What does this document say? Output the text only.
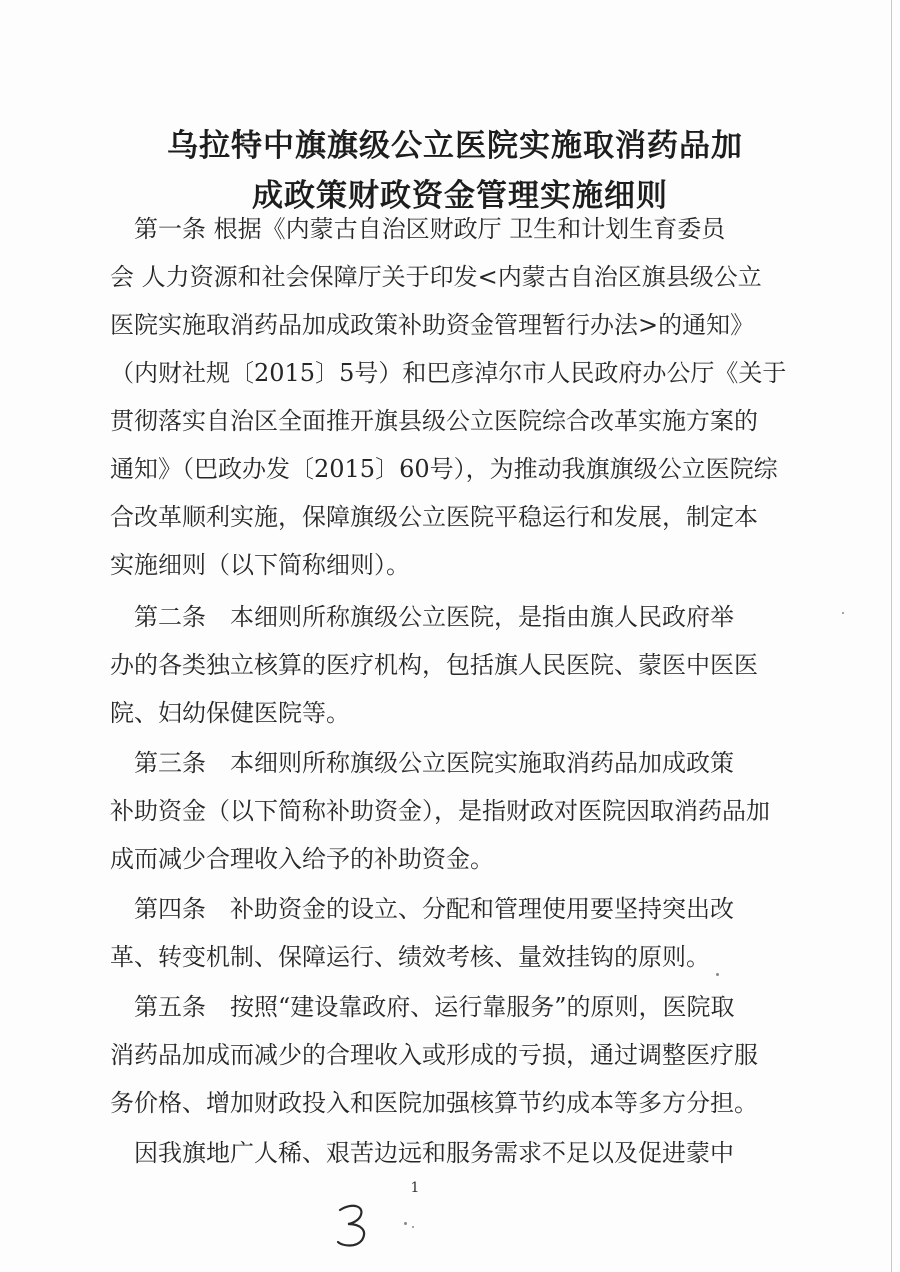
乌拉特中旗旗级公立医院实施取消药品加
成政策财政资金管理实施细则
　第一条 根据《内蒙古自治区财政厅 卫生和计划生育委员
会 人力资源和社会保障厅关于印发<内蒙古自治区旗县级公立
医院实施取消药品加成政策补助资金管理暂行办法>的通知》
（内财社规〔2015〕5号）和巴彦淖尔市人民政府办公厅《关于
贯彻落实自治区全面推开旗县级公立医院综合改革实施方案的
通知》（巴政办发〔2015〕60号），为推动我旗旗级公立医院综
合改革顺利实施，保障旗级公立医院平稳运行和发展，制定本
实施细则（以下简称细则）。
　第二条　本细则所称旗级公立医院，是指由旗人民政府举
办的各类独立核算的医疗机构，包括旗人民医院、蒙医中医医
院、妇幼保健医院等。
　第三条　本细则所称旗级公立医院实施取消药品加成政策
补助资金（以下简称补助资金），是指财政对医院因取消药品加
成而减少合理收入给予的补助资金。
　第四条　补助资金的设立、分配和管理使用要坚持突出改
革、转变机制、保障运行、绩效考核、量效挂钩的原则。
　第五条　按照“建设靠政府、运行靠服务”的原则，医院取
消药品加成而减少的合理收入或形成的亏损，通过调整医疗服
务价格、增加财政投入和医院加强核算节约成本等多方分担。
　因我旗地广人稀、艰苦边远和服务需求不足以及促进蒙中
1
